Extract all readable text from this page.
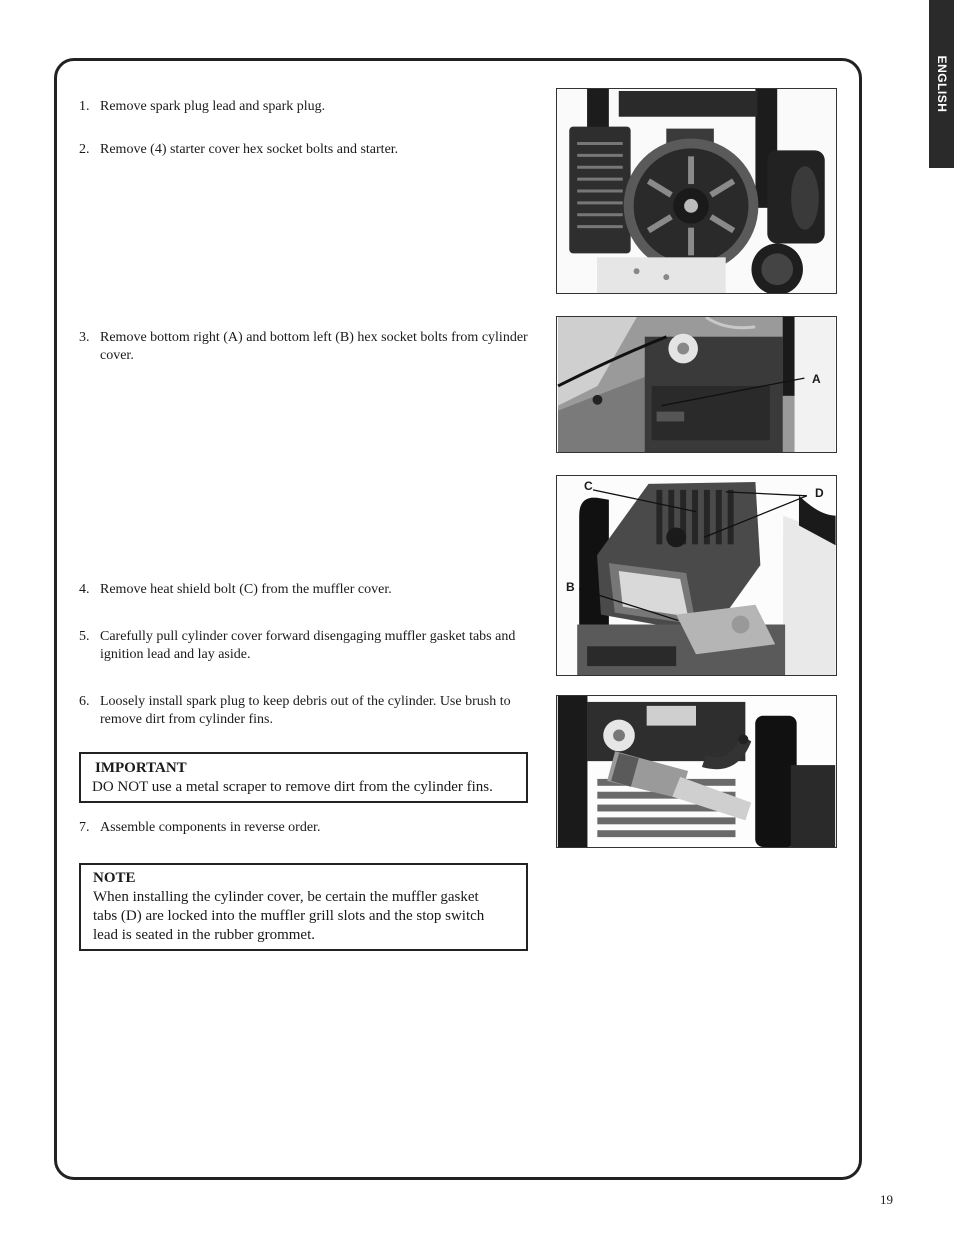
ENGLISH
1. Remove spark plug lead and spark plug.
2. Remove (4) starter cover hex socket bolts and starter.
3. Remove bottom right (A) and bottom left (B) hex socket bolts from cylinder cover.
4. Remove heat shield bolt (C) from the muffler cover.
5. Carefully pull cylinder cover forward disengaging muffler gasket tabs and ignition lead and lay aside.
6. Loosely install spark plug to keep debris out of the cylinder. Use brush to remove dirt from cylinder fins.
IMPORTANT
DO NOT use a metal scraper to remove dirt from the cylinder fins.
7. Assemble components in reverse order.
NOTE
When installing the cylinder cover, be certain the muffler gasket tabs (D) are locked into the muffler grill slots and the stop switch lead is seated in the rubber grommet.
A
C	D
B
19
